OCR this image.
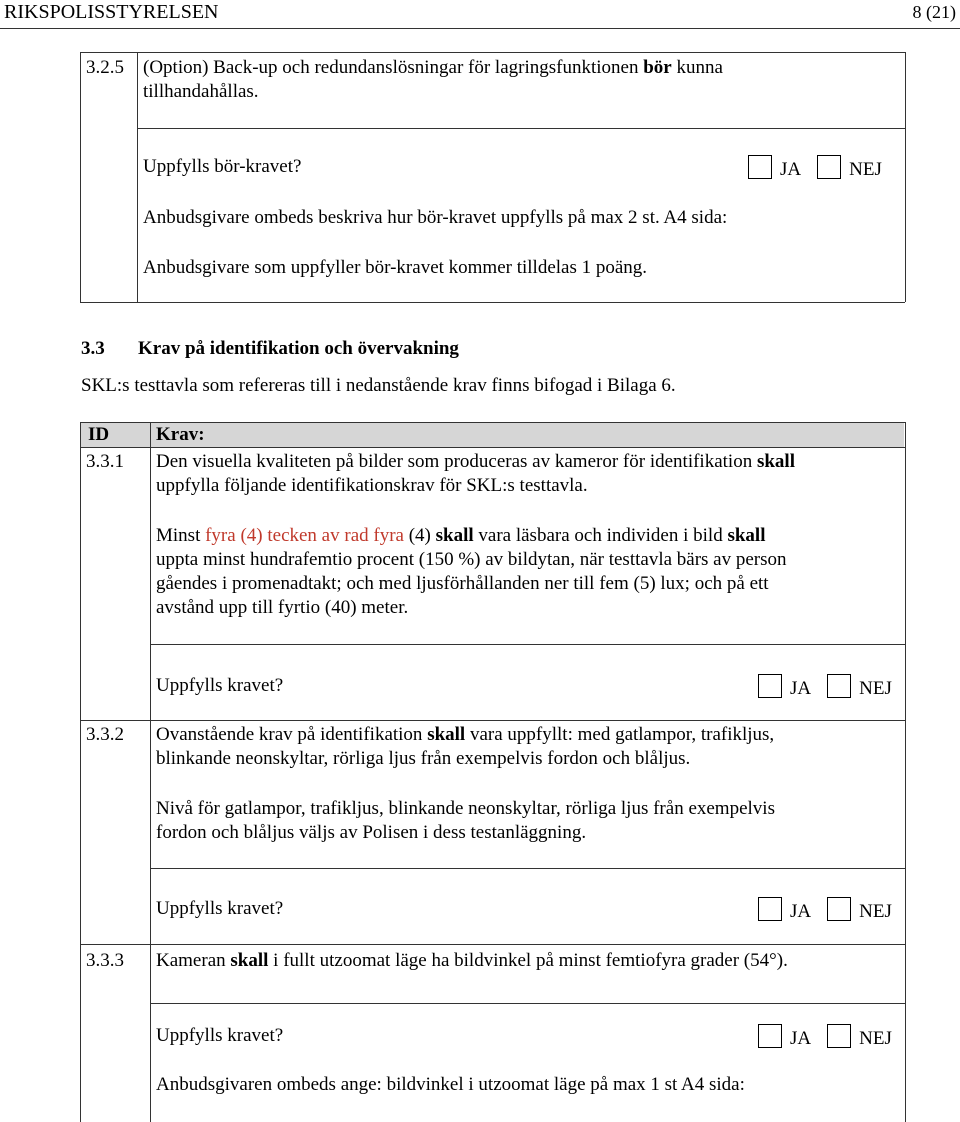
RIKSPOLISSTYRELSEN	8 (21)
3.2.5 (Option) Back-up och redundanslösningar för lagringsfunktionen bör kunna
tillhandahållas.
Uppfylls bör-kravet?	JA	NEJ
Anbudsgivare ombeds beskriva hur bör-kravet uppfylls på max 2 st. A4 sida:
Anbudsgivare som uppfyller bör-kravet kommer tilldelas 1 poäng.
3.3 Krav på identifikation och övervakning
SKL:s testtavla som refereras till i nedanstående krav finns bifogad i Bilaga 6.
ID Krav:
3.3.1 Den visuella kvaliteten på bilder som produceras av kameror för identifikation skall
uppfylla följande identifikationskrav för SKL:s testtavla.
Minst fyra (4) tecken av rad fyra (4) skall vara läsbara och individen i bild skall
uppta minst hundrafemtio procent (150 %) av bildytan, när testtavla bärs av person
gåendes i promenadtakt; och med ljusförhållanden ner till fem (5) lux; och på ett
avstånd upp till fyrtio (40) meter.
Uppfylls kravet?	JA	NEJ
3.3.2 Ovanstående krav på identifikation skall vara uppfyllt: med gatlampor, trafikljus,
blinkande neonskyltar, rörliga ljus från exempelvis fordon och blåljus.
Nivå för gatlampor, trafikljus, blinkande neonskyltar, rörliga ljus från exempelvis
fordon och blåljus väljs av Polisen i dess testanläggning.
Uppfylls kravet?	JA	NEJ
3.3.3 Kameran skall i fullt utzoomat läge ha bildvinkel på minst femtiofyra grader (54°).
Uppfylls kravet?	JA	NEJ
Anbudsgivaren ombeds ange: bildvinkel i utzoomat läge på max 1 st A4 sida:
